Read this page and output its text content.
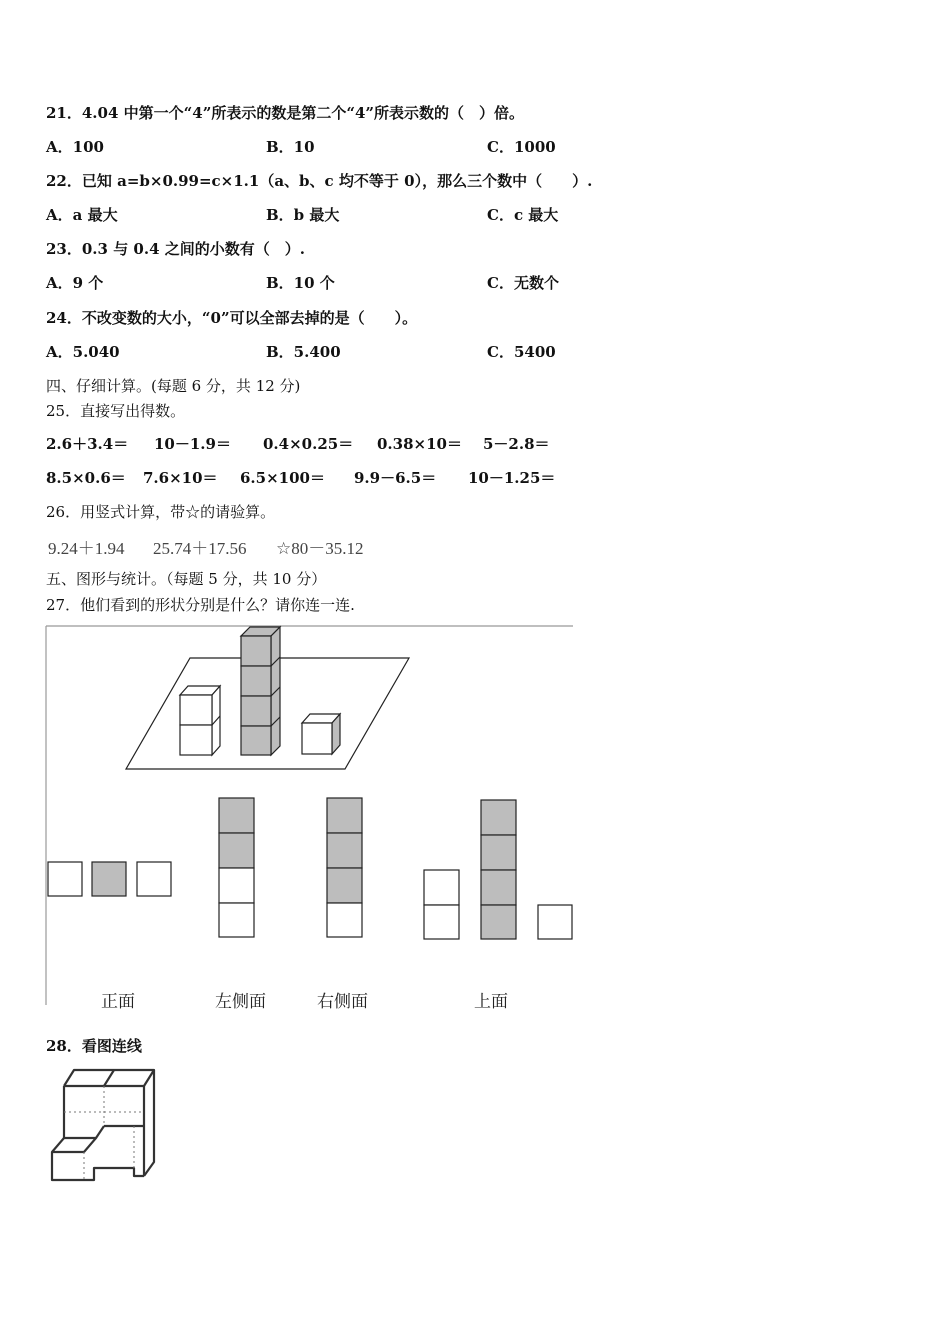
21．4.04 中第一个“4”所表示的数是第二个“4”所表示数的（　）倍。
A．100	B．10	C．1000
22．已知 a=b×0.99=c×1.1（a、b、c 均不等于 0），那么三个数中（　　）.
A．a 最大	B．b 最大	C．c 最大
23．0.3 与 0.4 之间的小数有（　）.
A．9 个	B．10 个	C．无数个
24．不改变数的大小，“0”可以全部去掉的是（　　）。
A．5.040	B．5.400	C．5400
四、仔细计算。(每题 6 分，共 12 分)
25．直接写出得数。
2.6＋3.4＝ 10－1.9＝ 0.4×0.25＝ 0.38×10＝ 5－2.8＝
8.5×0.6＝ 7.6×10＝ 6.5×100＝ 9.9－6.5＝ 10－1.25＝
26．用竖式计算，带☆的请验算。
9.24＋1.94 25.74＋17.56 ☆80－35.12
五、图形与统计。（每题 5 分，共 10 分）
27．他们看到的形状分别是什么？请你连一连.
正面	左侧面	右侧面	上面
28．看图连线
